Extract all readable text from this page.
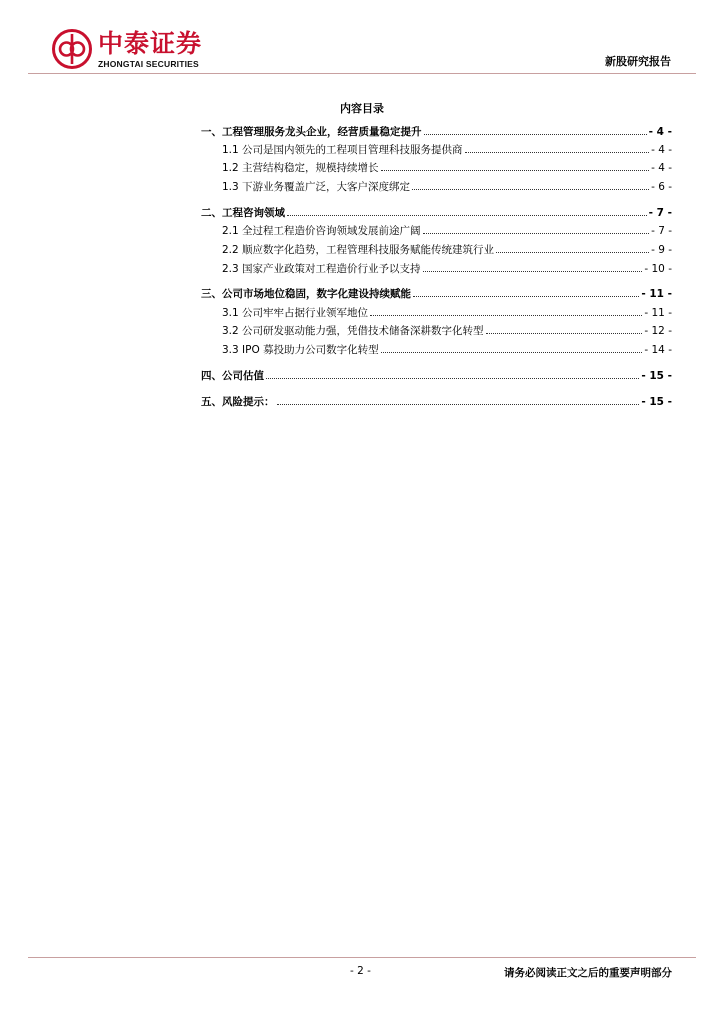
中泰证券
ZHONGTAI SECURITIES	新股研究报告
内容目录
一、工程管理服务龙头企业，经营质量稳定提升	- 4 -
1.1 公司是国内领先的工程项目管理科技服务提供商	- 4 -
1.2 主营结构稳定，规模持续增长	- 4 -
1.3 下游业务覆盖广泛，大客户深度绑定	- 6 -
二、工程咨询领域	- 7 -
2.1 全过程工程造价咨询领域发展前途广阔	- 7 -
2.2 顺应数字化趋势，工程管理科技服务赋能传统建筑行业	- 9 -
2.3 国家产业政策对工程造价行业予以支持	- 10 -
三、公司市场地位稳固，数字化建设持续赋能	- 11 -
3.1 公司牢牢占据行业领军地位	- 11 -
3.2 公司研发驱动能力强，凭借技术储备深耕数字化转型	- 12 -
3.3 IPO 募投助力公司数字化转型	- 14 -
四、公司估值	- 15 -
五、风险提示：	- 15 -
- 2 -	请务必阅读正文之后的重要声明部分
